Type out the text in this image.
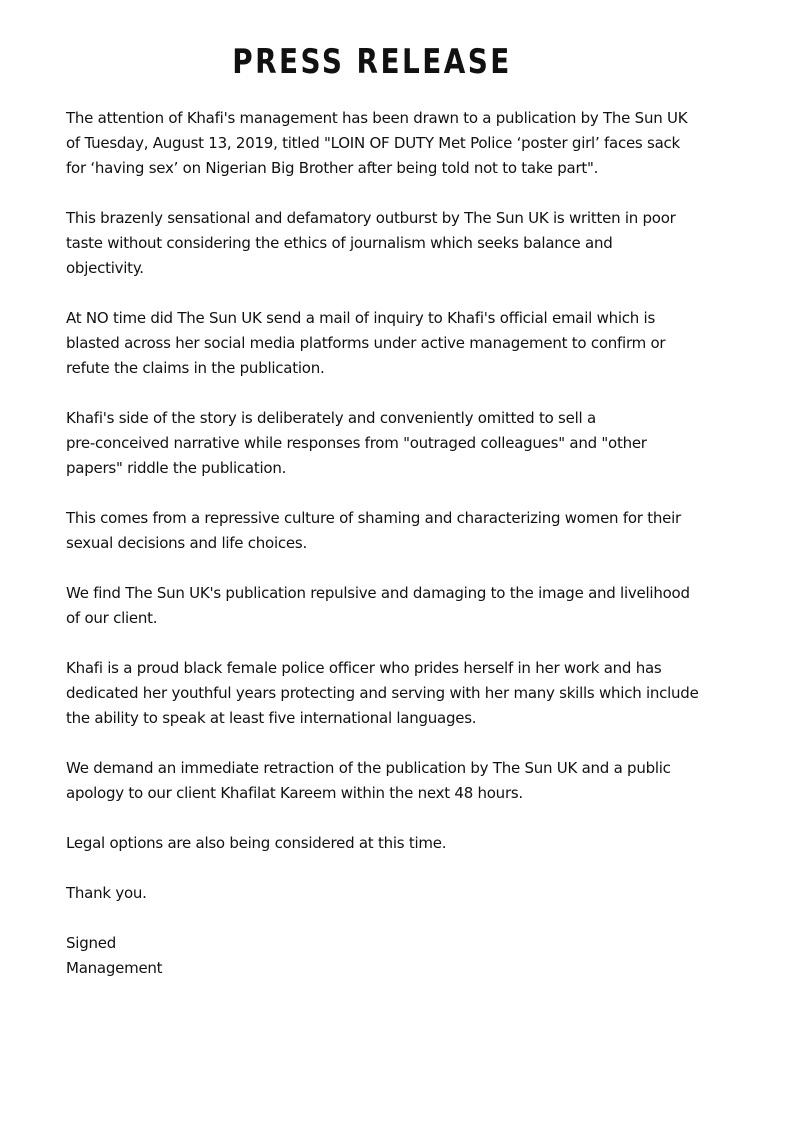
PRESS RELEASE

The attention of Khafi's management has been drawn to a publication by The Sun UK
of Tuesday, August 13, 2019, titled "LOIN OF DUTY Met Police ‘poster girl’ faces sack
for ‘having sex’ on Nigerian Big Brother after being told not to take part".

This brazenly sensational and defamatory outburst by The Sun UK is written in poor
taste without considering the ethics of journalism which seeks balance and
objectivity.

At NO time did The Sun UK send a mail of inquiry to Khafi's official email which is
blasted across her social media platforms under active management to confirm or
refute the claims in the publication.

Khafi's side of the story is deliberately and conveniently omitted to sell a
pre-conceived narrative while responses from "outraged colleagues" and "other
papers" riddle the publication.

This comes from a repressive culture of shaming and characterizing women for their
sexual decisions and life choices.

We find The Sun UK's publication repulsive and damaging to the image and livelihood
of our client.

Khafi is a proud black female police officer who prides herself in her work and has
dedicated her youthful years protecting and serving with her many skills which include
the ability to speak at least five international languages.

We demand an immediate retraction of the publication by The Sun UK and a public
apology to our client Khafilat Kareem within the next 48 hours.

Legal options are also being considered at this time.

Thank you.

Signed
Management
